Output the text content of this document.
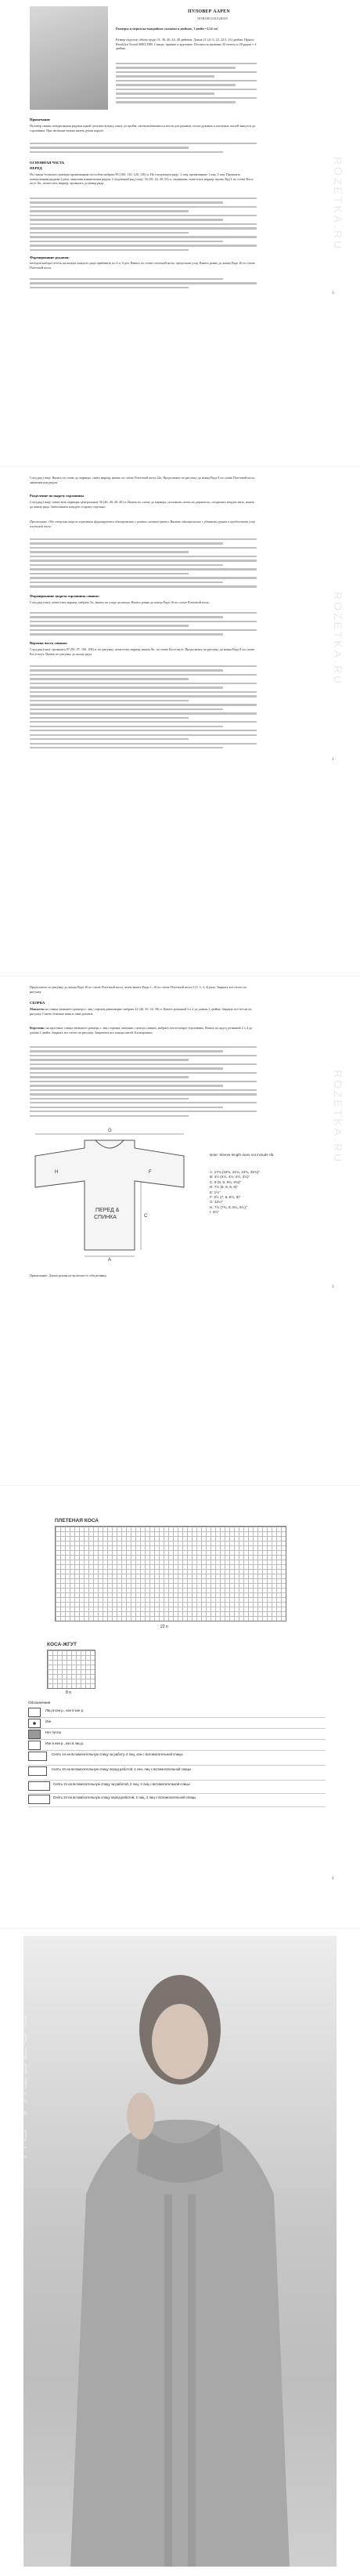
ПУЛОВЕР AAPEN
NORAH GAUGHAN
Размеры и мерки на выкройках указаны в дюймах, 1 дюйм =2,54 см!
Размер изделия: объем груди 31, 36, 40, 44, 48 дюймов. Длина 21 (21.5, 22, 22.5, 23) дюйма. Пряжа: Brooklyn Tweed SHELTER. Спицы: прямые и круговые. Плотность вязания: 20 петель и 28 рядов = 4 дюйма.
Примечание
Пуловер связан поворотными рядами одной деталью вперед снизу до пройм; затем выбавляются петли для рукавов, петли рукавов и плечевых частей вяжутся до горловины. При желании можно вязать рукав короче.
ОСНОВНАЯ ЧАСТЬ
ПЕРЕД
На спицы большого размера провязанным способом набрать 90 (100, 110, 120, 130) п. На следующем ряду: 2 лиц, провязанные 1 изн, 2 изн. Провязать поворотными рядами 2 раза, закончив изнаночным рядом. Следующий ряд (лиц): 34 (39, 44, 49, 54) п. лицевыми, поместить маркер, вязать Ряд 1 по схеме Коса-жгут 8п., поместить маркер, провязать до конца ряда.
Формирование рукавов:
методом набора петель на концах каждого ряда прибавить по 6 п. 6 раз. Вязать по схеме плетеной косы, продолжая узор. Вязать ровно до конца Ряда 16 по схеме Плетеной косы.
1
ROZETKA.RU
След ряд (лиц): Вязать по схеме до маркера, снять маркер, вязать по схеме Плетеной косы 22п. Продолжить по рисунку до конца Ряда 8 по схеме Плетеной косы, закончив изн рядом.
Разделение по вырезу горловины
След ряд (лиц): поместить маркеры центральные 36 (40, 40, 40, 40) п. Вязать по схеме до маркера, поставить петли на держатель, соединить вторую нить, вязать до конца ряда. Затем вязать каждую сторону отдельно.
Примечание: Обе стороны выреза горловины формируются одновременно с разных мотков пряжи. Вязать одновременно с убавками рукава и продолжать узор плетеной косы.
Формирование выреза горловины спинки:
След ряд (изн): поместить маркер, набрать 5п. вязать по узору до конца. Вязать ровно до конца Ряда 16 по схеме Плетеной косы.
Верхняя часть спинки:
След ряд (изн): провязать 87 (90, 97, 100, 108) п. по рисунку, поместить маркер, вязать 8п. по схеме Коса-жгут. Продолжить по рисунку до конца Ряда 8 по схеме Коса-жгут. Вязать по рисунку до конца ряда.
2
ROZETKA.RU
Продолжить по рисунку до конца Ряда 16 по схеме Плетеной косы, затем вязать Ряды 1–16 по схеме Плетеной косы 3 (3, 3, 4, 4) раза. Закрыть все петли по рисунку.
СБОРКА
Манжеты на спицы меньшего размера с лиц стороны равномерно набрать 42 (46, 50, 54, 58) п. Вязать резинкой 2 х 2 до длины 2 дюйма. Закрыть все петли по рисунку. Сшить боковые швы и швы рукавов.
Воротник: на круговые спицы меньшего размера с лиц стороны, начиная с центра спинки, набрать петли вокруг горловины. Вязать по кругу резинкой 2 х 2 до длины 1 дюйм. Закрыть все петли по рисунку. Закрепить все концы нитей. Блокировать.
A
C
G
H	F
ПЕРЕД &
СПИНКА
Note: Sleeve length does not include rib.
A: 17¾ (19¾, 21¾, 23¾, 25¾)"
B: 4½ (4½, 4½, 4½, 4½)"
C: 9 (9, 9, 9¾, 9¾)"
D: 7½ (8, 8, 8, 8)"
E: 1½"
F: 6½ (7, 8, 8½, 9)"
G: 12¼"
H: 7½ (7¾, 8, 8¼, 8½)"
I: 3½"
Примечание: Длина рукава не включает в себя резинку
3
ROZETKA.RU
ПЛЕТЕНАЯ КОСА
22 п
КОСА-ЖГУТ
8 п
Обозначения
Лиц в изн р., изн в изн р.
Изн
Нет петли
Изн в изн р., изн в лиц р.
Снять 1п на вспомогательную спицу за работу, 2 лиц, изн с вспомогательной спицы
Снять 2п на вспомогательную спицу перед работой, 1 изн, лиц с вспомогательной спицы
Снять 2п на вспомогательную спицу за работой, 2 лиц, 2 лиц с вспомогательной спицы
Снять 2п на вспомогательную спицу перед работой, 2 лиц, 2 лиц с вспомогательной спицы
4
ROZETKA.RU
